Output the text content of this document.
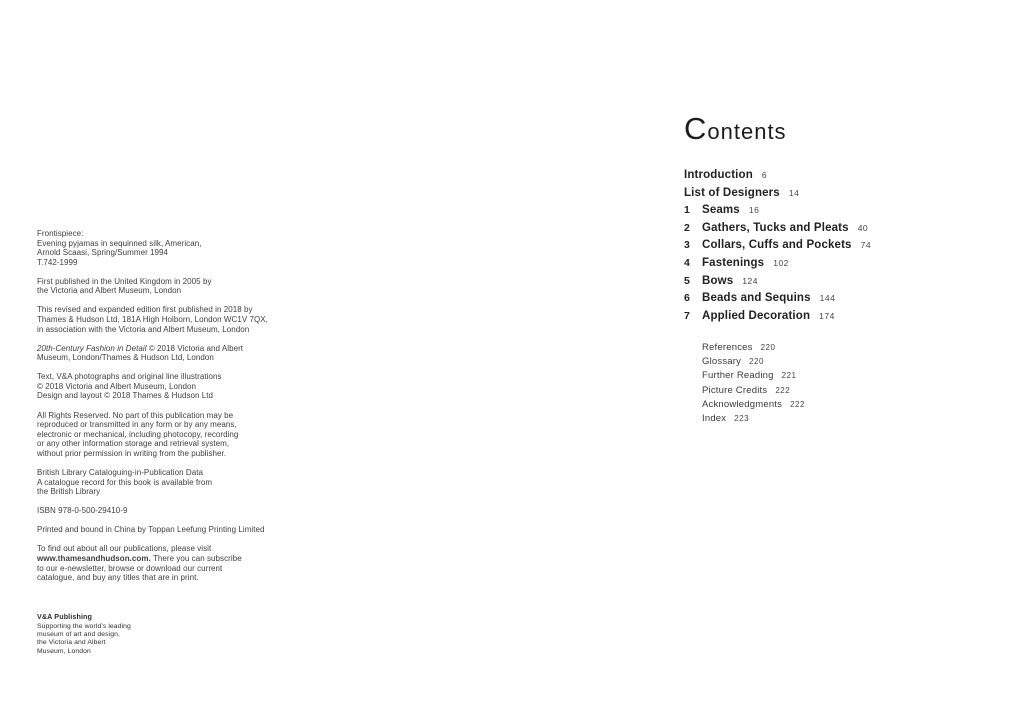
Frontispiece:
Evening pyjamas in sequinned silk, American,
Arnold Scaasi, Spring/Summer 1994
T.742-1999
First published in the United Kingdom in 2005 by
the Victoria and Albert Museum, London
This revised and expanded edition first published in 2018 by
Thames & Hudson Ltd, 181A High Holborn, London WC1V 7QX,
in association with the Victoria and Albert Museum, London
20th-Century Fashion in Detail © 2018 Victoria and Albert
Museum, London/Thames & Hudson Ltd, London
Text, V&A photographs and original line illustrations
© 2018 Victoria and Albert Museum, London
Design and layout © 2018 Thames & Hudson Ltd
All Rights Reserved. No part of this publication may be
reproduced or transmitted in any form or by any means,
electronic or mechanical, including photocopy, recording
or any other information storage and retrieval system,
without prior permission in writing from the publisher.
British Library Cataloguing-in-Publication Data
A catalogue record for this book is available from
the British Library
ISBN 978-0-500-29410-9
Printed and bound in China by Toppan Leefung Printing Limited
To find out about all our publications, please visit
www.thamesandhudson.com. There you can subscribe
to our e-newsletter, browse or download our current
catalogue, and buy any titles that are in print.
V&A Publishing
Supporting the world’s leading
museum of art and design,
the Victoria and Albert
Museum, London
Contents
Introduction 6
List of Designers 14
1	Seams 16
2	Gathers, Tucks and Pleats 40
3	Collars, Cuffs and Pockets 74
4	Fastenings 102
5	Bows 124
6	Beads and Sequins 144
7	Applied Decoration 174
References 220
Glossary 220
Further Reading 221
Picture Credits 222
Acknowledgments 222
Index 223
